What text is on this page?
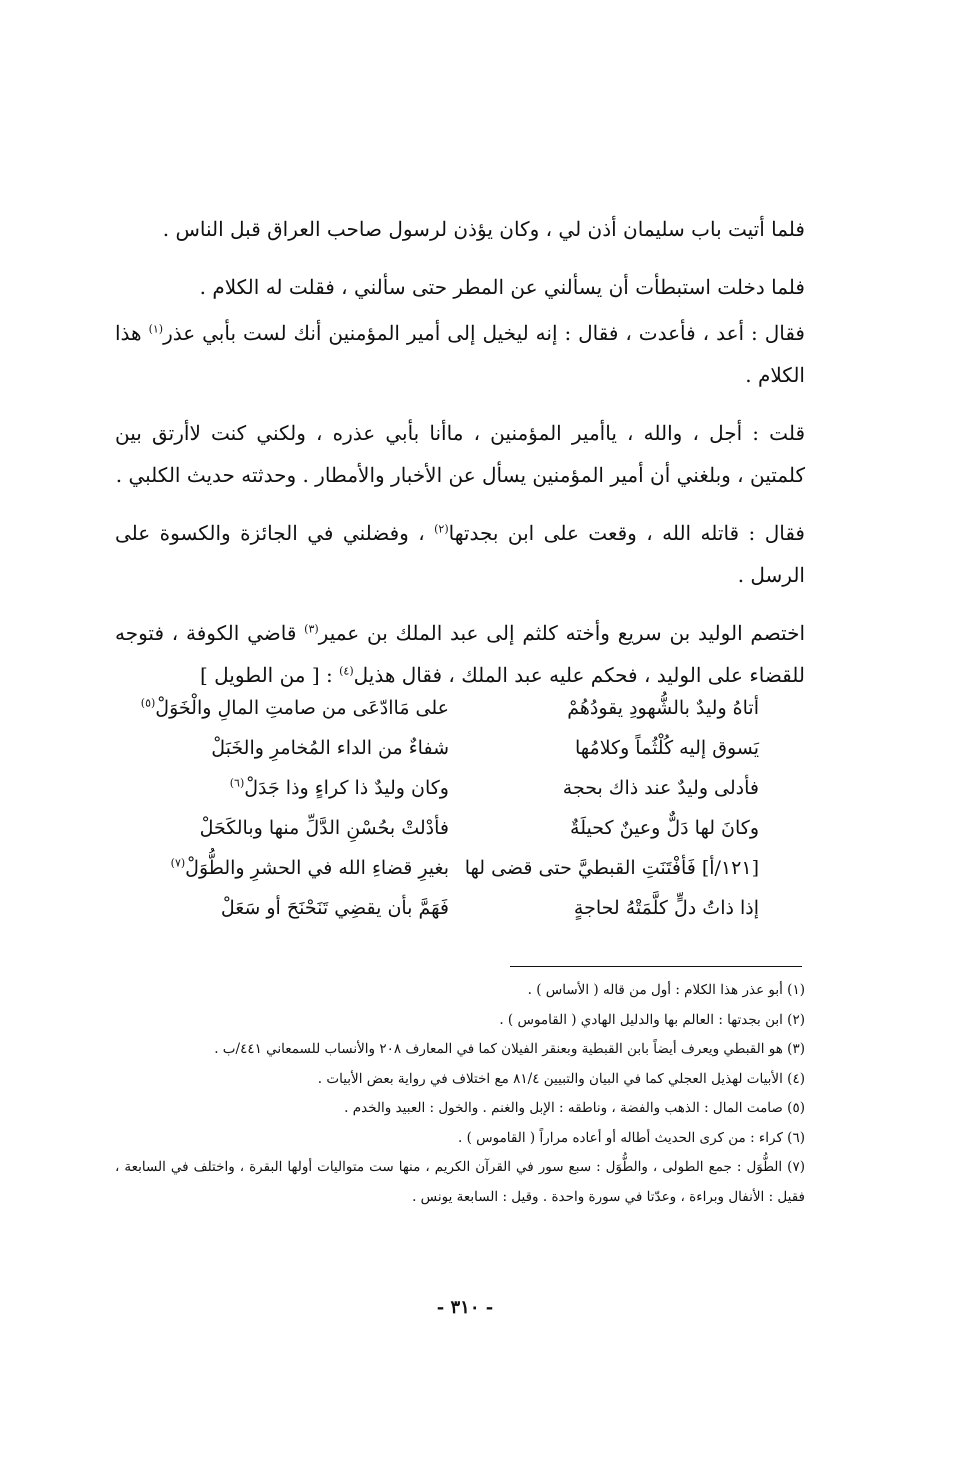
فلما أتيت باب سليمان أذن لي ، وكان يؤذن لرسول صاحب العراق قبل الناس .

فلما دخلت استبطأت أن يسألني عن المطر حتى سألني ، فقلت له الكلام .

فقال : أعد ، فأعدت ، فقال : إنه ليخيل إلى أمير المؤمنين أنك لست بأبي عذر$^{(١)}$ هذا الكلام .

قلت : أجل ، والله ، ياأمير المؤمنين ، ماأنا بأبي عذره ، ولكني كنت لاأرتق بين كلمتين ، وبلغني أن أمير المؤمنين يسأل عن الأخبار والأمطار . وحدثته حديث الكلبي .

فقال : قاتله الله ، وقعت على ابن بجدتها$^{(٢)}$ ، وفضلني في الجائزة والكسوة على الرسل .

اختصم الوليد بن سريع وأخته كلثم إلى عبد الملك بن عمير$^{(٣)}$ قاضي الكوفة ، فتوجه للقضاء على الوليد ، فحكم عليه عبد الملك ، فقال هذيل$^{(٤)}$ : [ من الطويل ]

أتاهُ وليدٌ بالشُّهودِ يقودُهُمْ
على مَاادّعَى من صامتِ المالِ والْخَوَلْ$^{(٥)}$
يَسوق إليه كُلْثُماً وكلامُها
شفاءٌ من الداء المُخامرِ والخَبَلْ
فأدلى وليدٌ عند ذاك بحجة
وكان وليدٌ ذا كراءٍ وذا جَدَلْ$^{(٦)}$
وكانَ لها دَلٌّ وعينٌ كحيلَةٌ
فأدْلتْ بحُسْنِ الدَّلِّ منها وبالكَحَلْ
[١٢١/أ] فَأفْتَنَتِ القبطيَّ حتى قضى لها
بغيرِ قضاءِ الله في الحشرِ والطُّوَلْ$^{(٧)}$
إذا ذاتُ دلٍّ كلَّمَتْهُ لحاجةٍ
فَهَمَّ بأن يقضِي تَنَحْنَحَ أو سَعَلْ

(١) أبو عذر هذا الكلام : أول من قاله ( الأساس ) .

(٢) ابن بجدتها : العالم بها والدليل الهادي ( القاموس ) .

(٣) هو القبطي ويعرف أيضاً بابن القبطية وبعنقر الفيلان كما في المعارف ٢٠٨ والأنساب للسمعاني ٤٤١/ب .

(٤) الأبيات لهذيل العجلي كما في البيان والتبيين ٨١/٤ مع اختلاف في رواية بعض الأبيات .

(٥) صامت المال : الذهب والفضة ، وناطقه : الإبل والغنم . والخول : العبيد والخدم .

(٦) كراء : من كرى الحديث أطاله أو أعاده مراراً ( القاموس ) .

(٧) الطُّوَل : جمع الطولى ، والطُّوَل : سبع سور في القرآن الكريم ، منها ست متواليات أولها البقرة ، واختلف في السابعة ، فقيل : الأنفال وبراءة ، وعدّتا في سورة واحدة . وقيل : السابعة يونس .

- ٣١٠ -
